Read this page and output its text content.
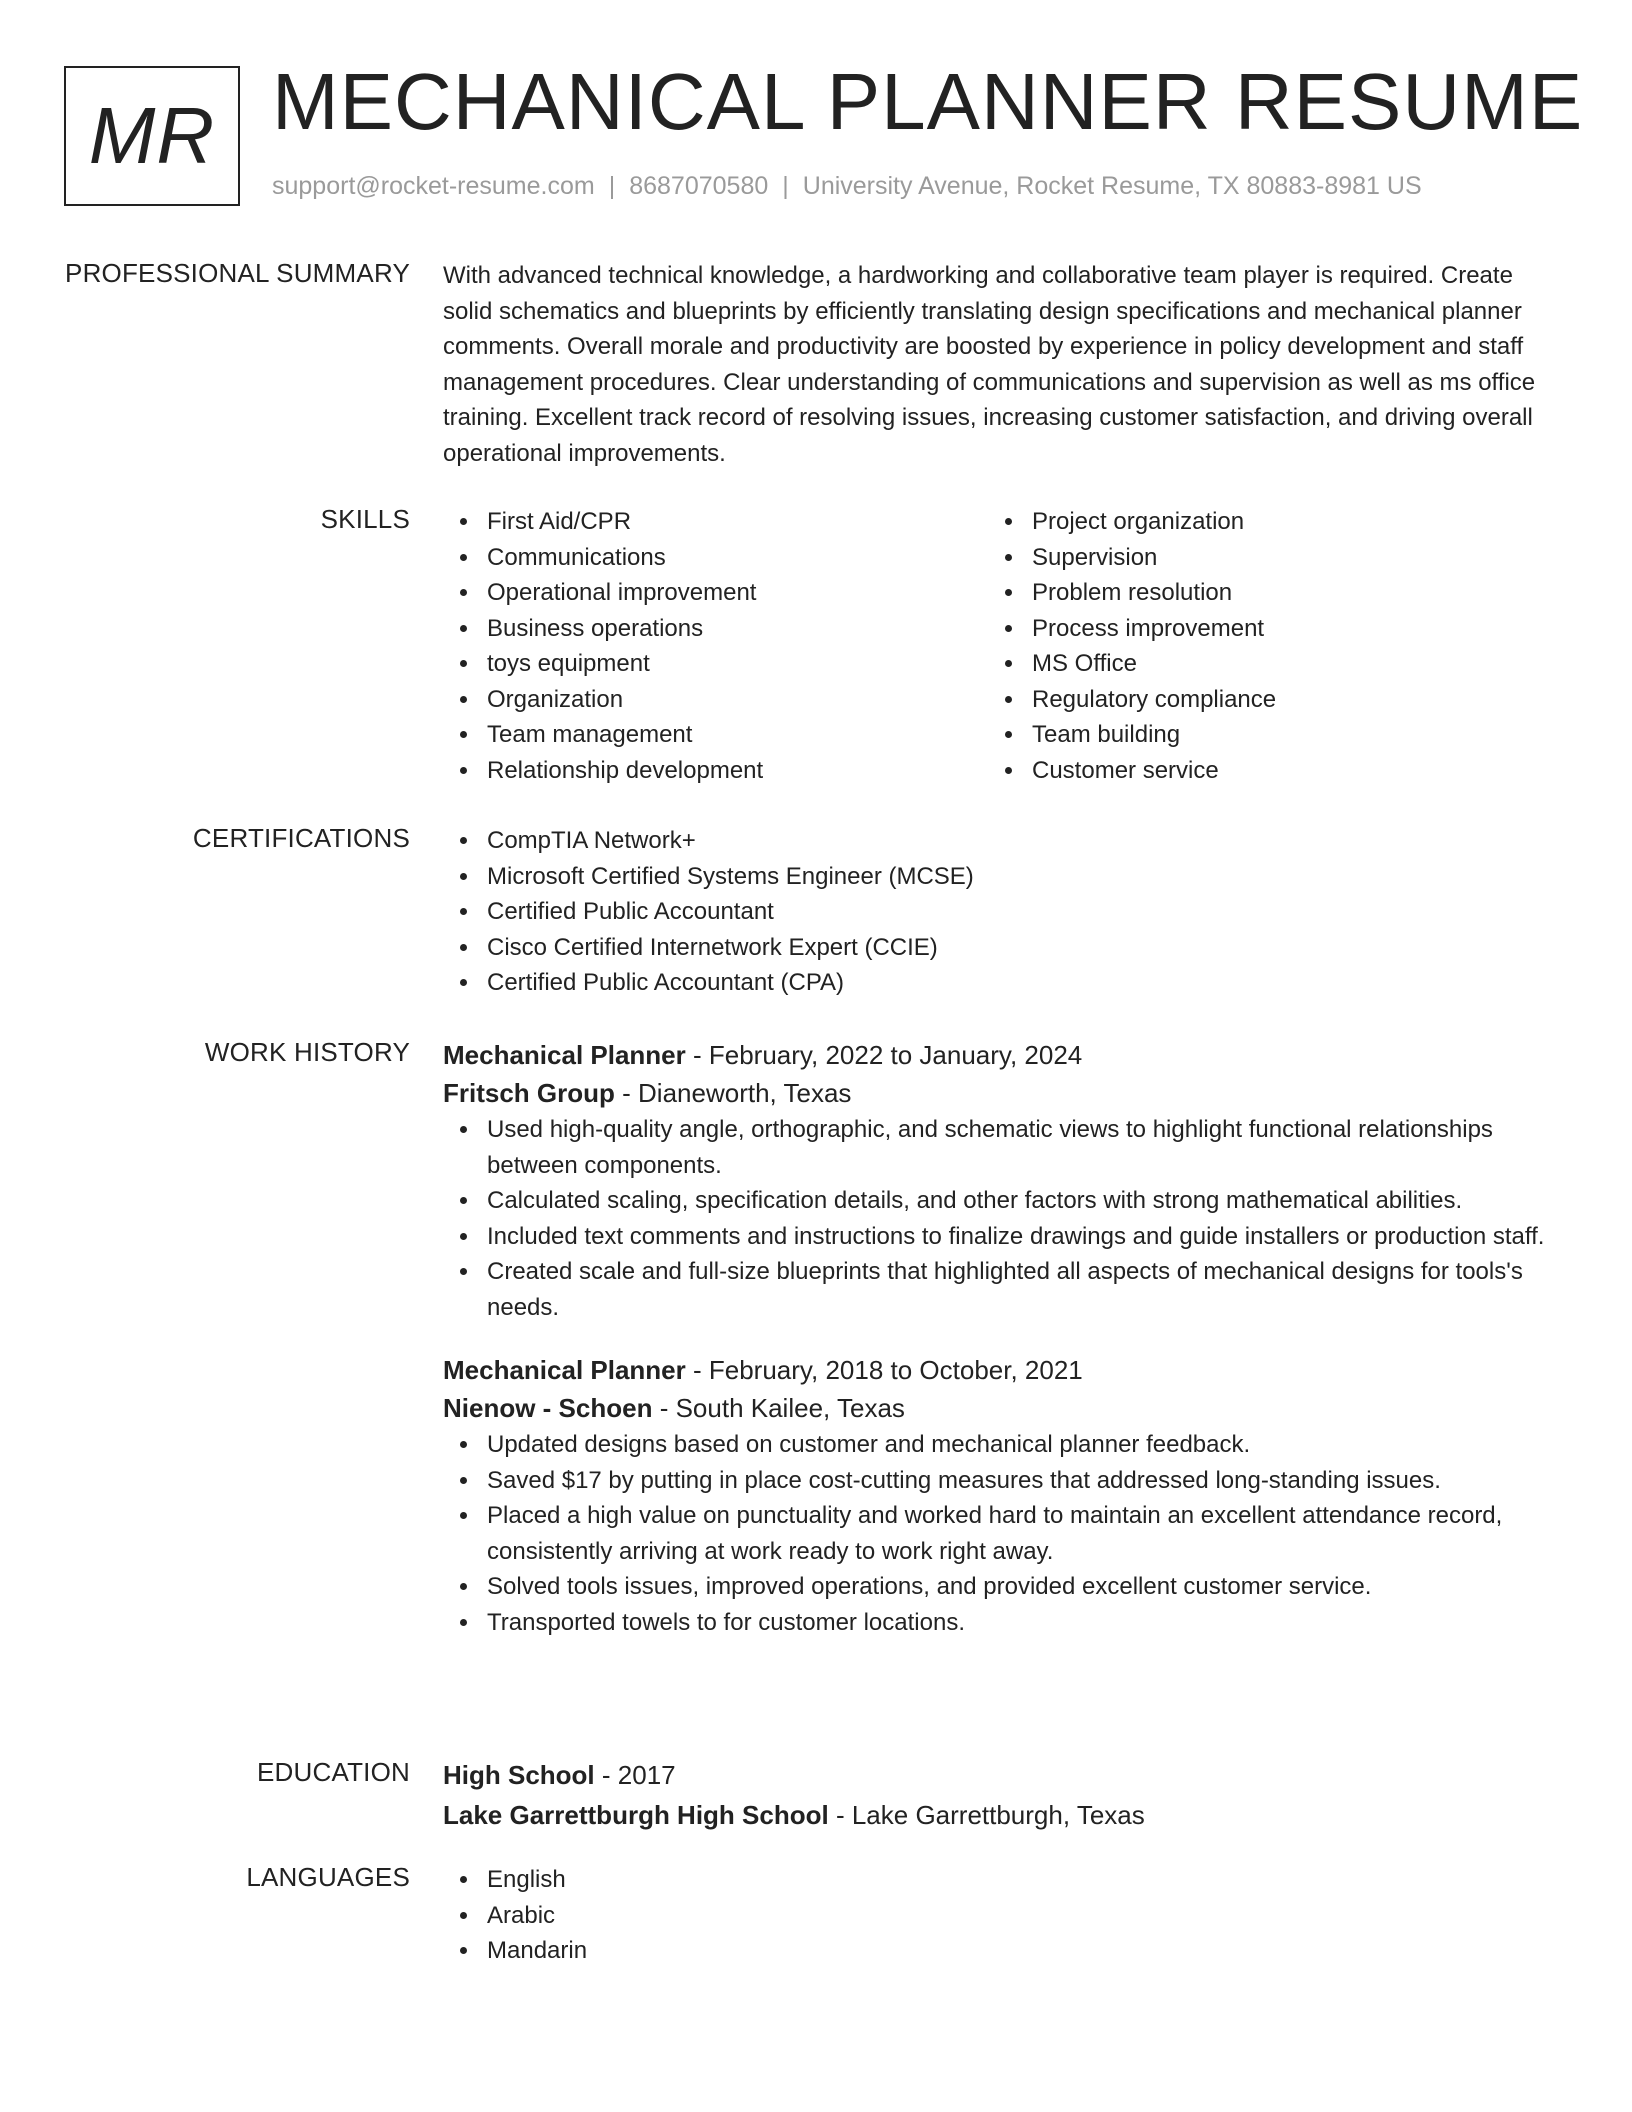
MR MECHANICAL PLANNER RESUME
support@rocket-resume.com | 8687070580 | University Avenue, Rocket Resume, TX 80883-8981 US
PROFESSIONAL SUMMARY With advanced technical knowledge, a hardworking and collaborative team player is required. Create solid schematics and blueprints by efficiently translating design specifications and mechanical planner comments. Overall morale and productivity are boosted by experience in policy development and staff management procedures. Clear understanding of communications and supervision as well as ms office training. Excellent track record of resolving issues, increasing customer satisfaction, and driving overall operational improvements.

SKILLS	First Aid/CPR
Communications
Operational improvement
Business operations
toys equipment
Organization
Team management
Relationship development
Project organization
Supervision
Problem resolution
Process improvement
MS Office
Regulatory compliance
Team building
Customer service
CERTIFICATIONS	CompTIA Network+
Microsoft Certified Systems Engineer (MCSE)
Certified Public Accountant
Cisco Certified Internetwork Expert (CCIE)
Certified Public Accountant (CPA)
WORK HISTORY Mechanical Planner - February, 2022 to January, 2024
Fritsch Group - Dianeworth, Texas
Used high-quality angle, orthographic, and schematic views to highlight functional relationships between components.
Calculated scaling, specification details, and other factors with strong mathematical abilities.
Included text comments and instructions to finalize drawings and guide installers or production staff.
Created scale and full-size blueprints that highlighted all aspects of mechanical designs for tools's needs.
Mechanical Planner - February, 2018 to October, 2021
Nienow - Schoen - South Kailee, Texas
Updated designs based on customer and mechanical planner feedback.
Saved $17 by putting in place cost-cutting measures that addressed long-standing issues.
Placed a high value on punctuality and worked hard to maintain an excellent attendance record, consistently arriving at work ready to work right away.
Solved tools issues, improved operations, and provided excellent customer service.
Transported towels to for customer locations.
EDUCATION High School - 2017
Lake Garrettburgh High School - Lake Garrettburgh, Texas
LANGUAGES	English
Arabic
Mandarin
